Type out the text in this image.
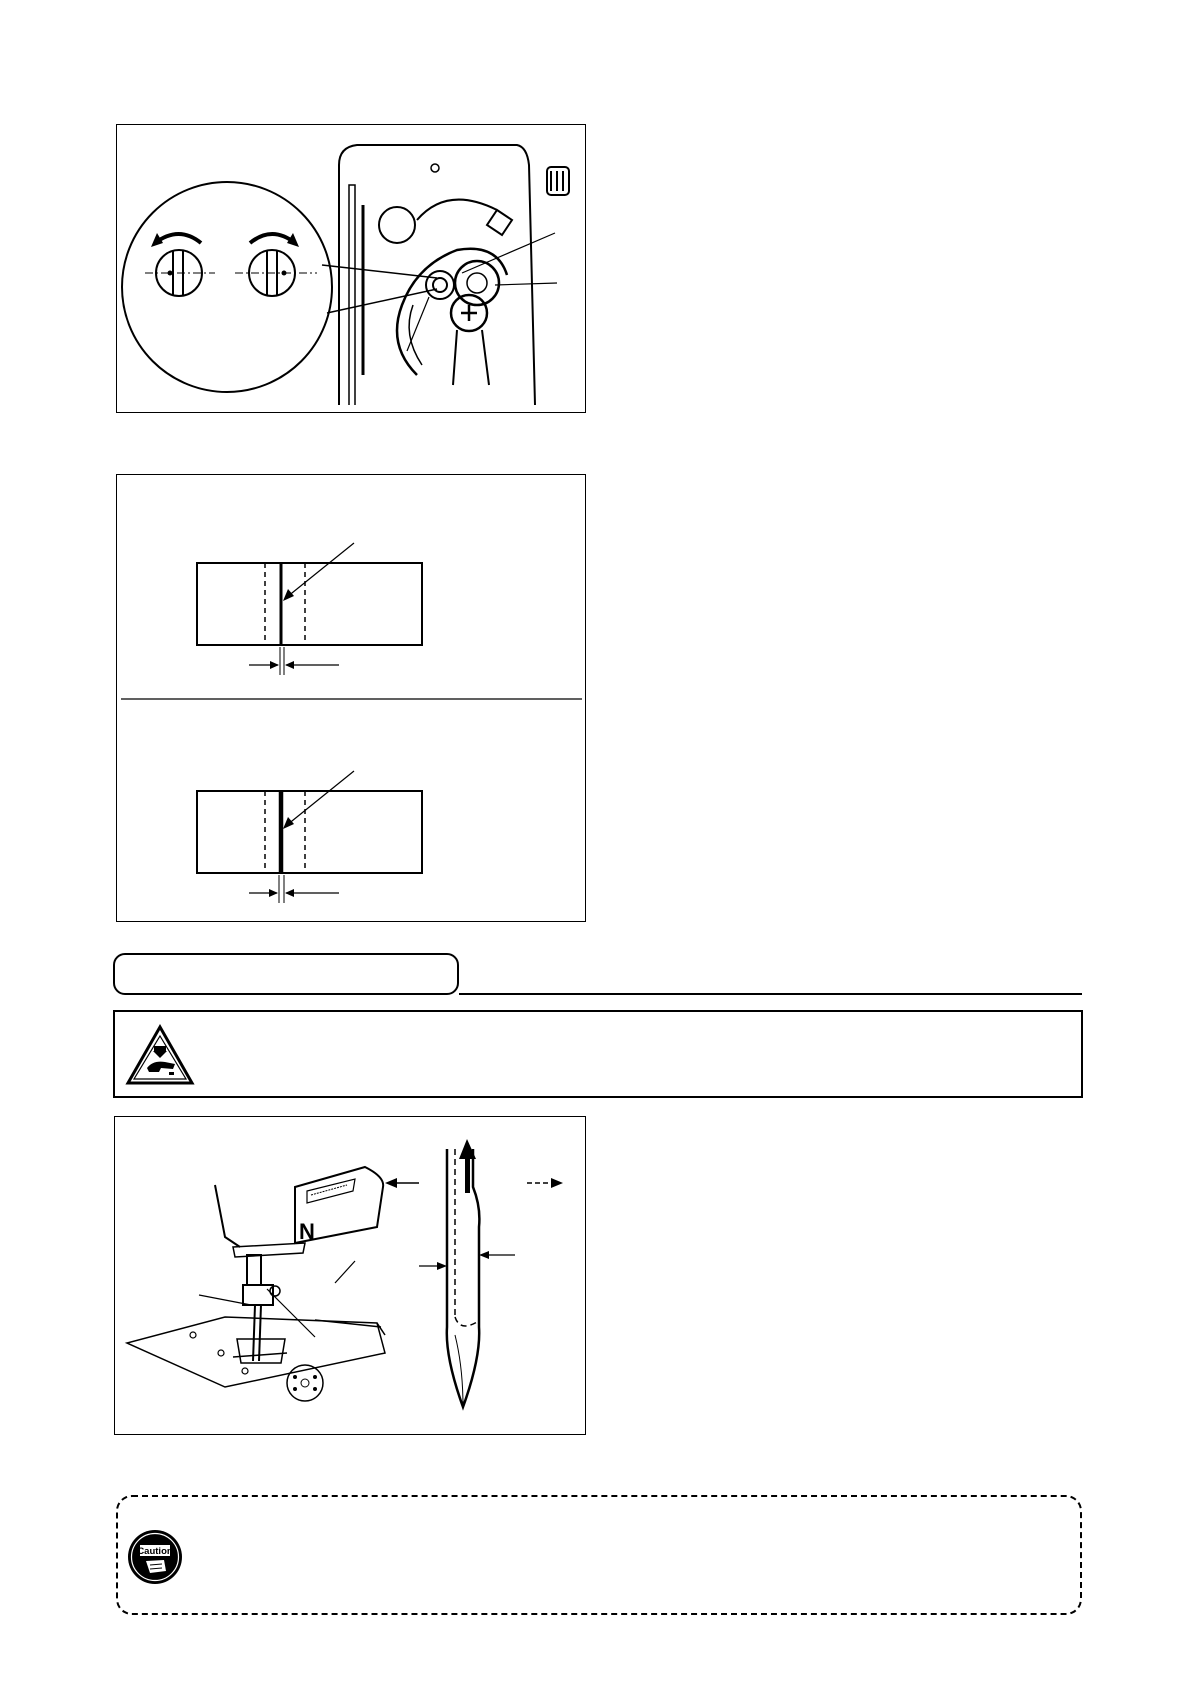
N
Caution
